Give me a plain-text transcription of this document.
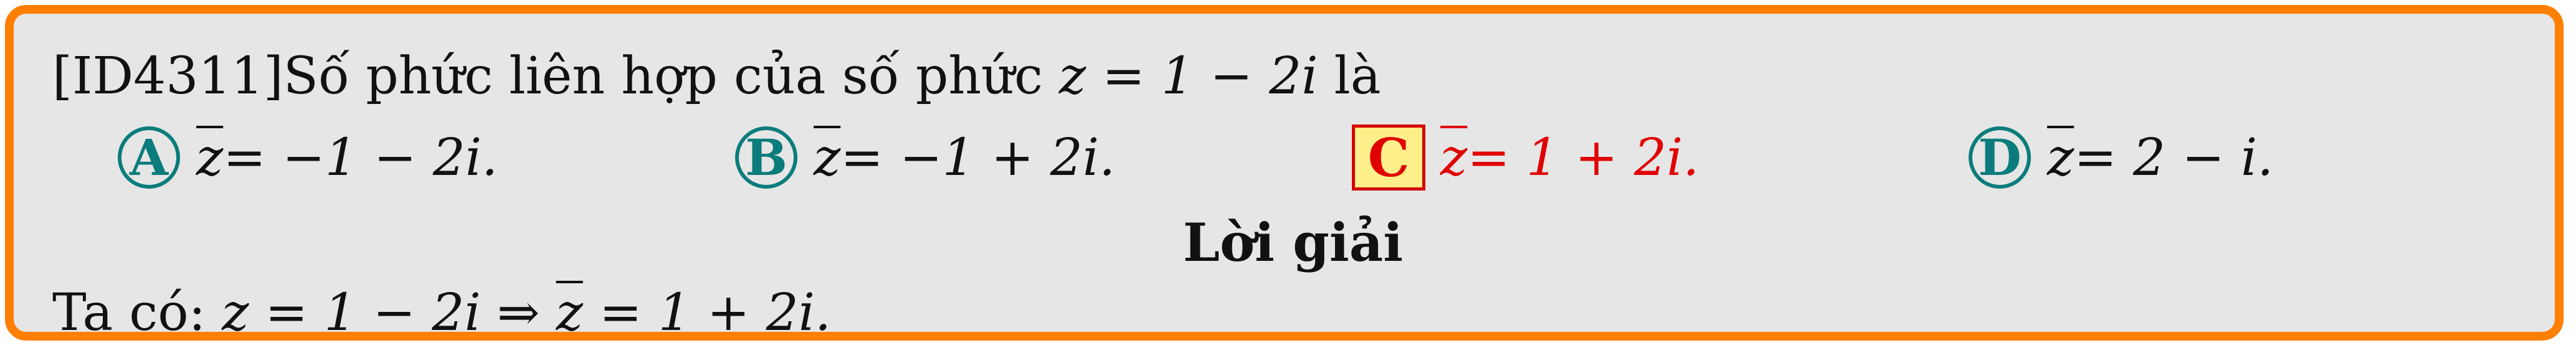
[ID4311]Số phức liên hợp của số phức z = 1 − 2i là
A $\overline{z} = -1 - 2i$.	B $\overline{z} = -1 + 2i$.	C $\overline{z} = 1 + 2i$.	D $\overline{z} = 2 - i$.
Lời giải
Ta có: z = 1 − 2i ⇒ $\overline{z} = 1 + 2i$.
